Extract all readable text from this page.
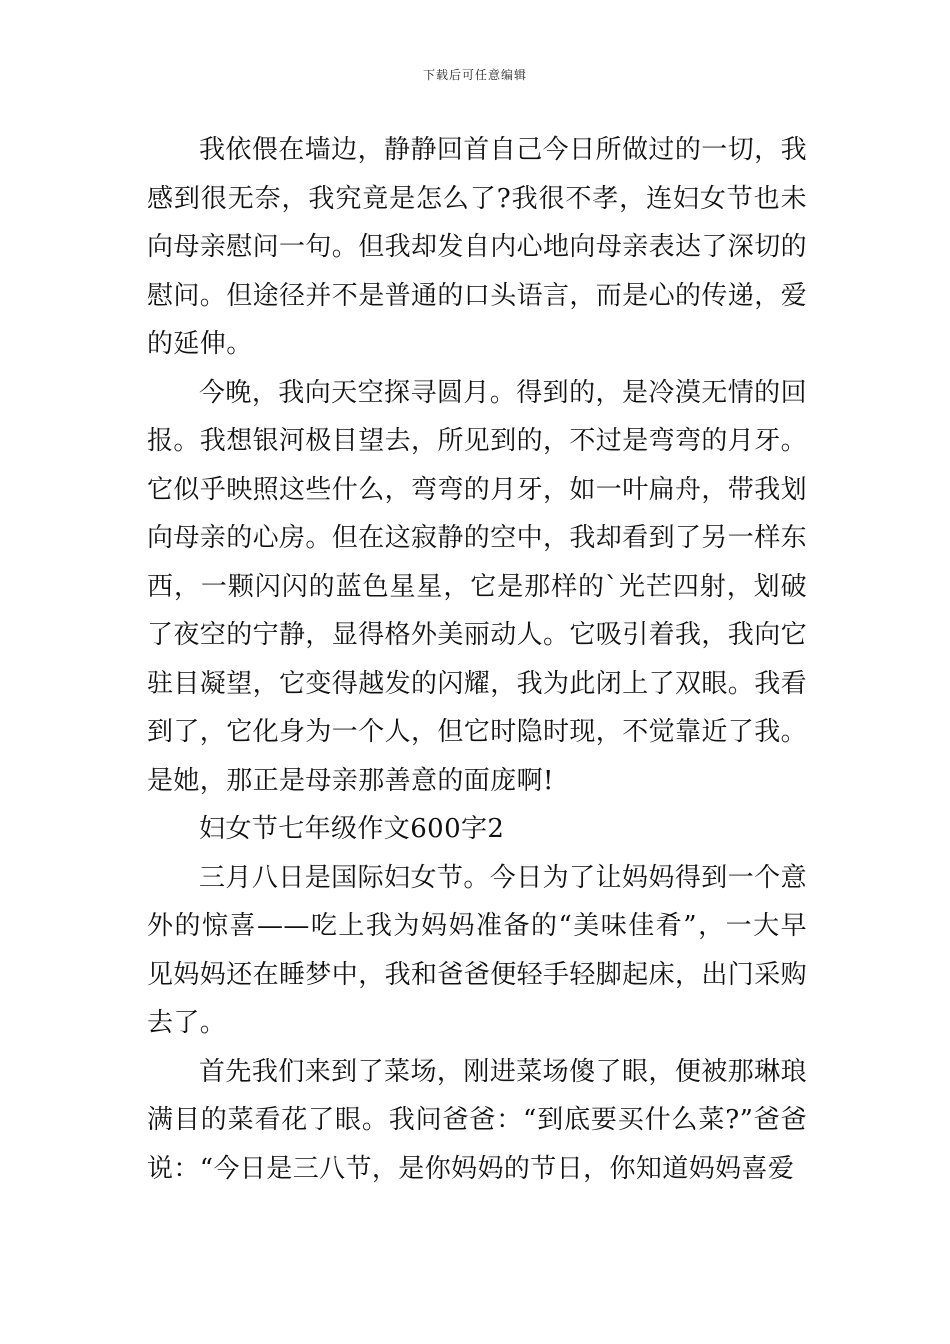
下载后可任意编辑

我依偎在墙边，静静回首自己今日所做过的一切，我感到很无奈，我究竟是怎么了?我很不孝，连妇女节也未向母亲慰问一句。但我却发自内心地向母亲表达了深切的慰问。但途径并不是普通的口头语言，而是心的传递，爱的延伸。

今晚，我向天空探寻圆月。得到的，是冷漠无情的回报。我想银河极目望去，所见到的，不过是弯弯的月牙。它似乎映照这些什么，弯弯的月牙，如一叶扁舟，带我划向母亲的心房。但在这寂静的空中，我却看到了另一样东西，一颗闪闪的蓝色星星，它是那样的`光芒四射，划破了夜空的宁静，显得格外美丽动人。它吸引着我，我向它驻目凝望，它变得越发的闪耀，我为此闭上了双眼。我看到了，它化身为一个人，但它时隐时现，不觉靠近了我。是她，那正是母亲那善意的面庞啊!

妇女节七年级作文600字2

三月八日是国际妇女节。今日为了让妈妈得到一个意外的惊喜——吃上我为妈妈准备的“美味佳肴”，一大早见妈妈还在睡梦中，我和爸爸便轻手轻脚起床，出门采购去了。

首先我们来到了菜场，刚进菜场傻了眼，便被那琳琅满目的菜看花了眼。我问爸爸：“到底要买什么菜?”爸爸说：“今日是三八节，是你妈妈的节日，你知道妈妈喜爱
